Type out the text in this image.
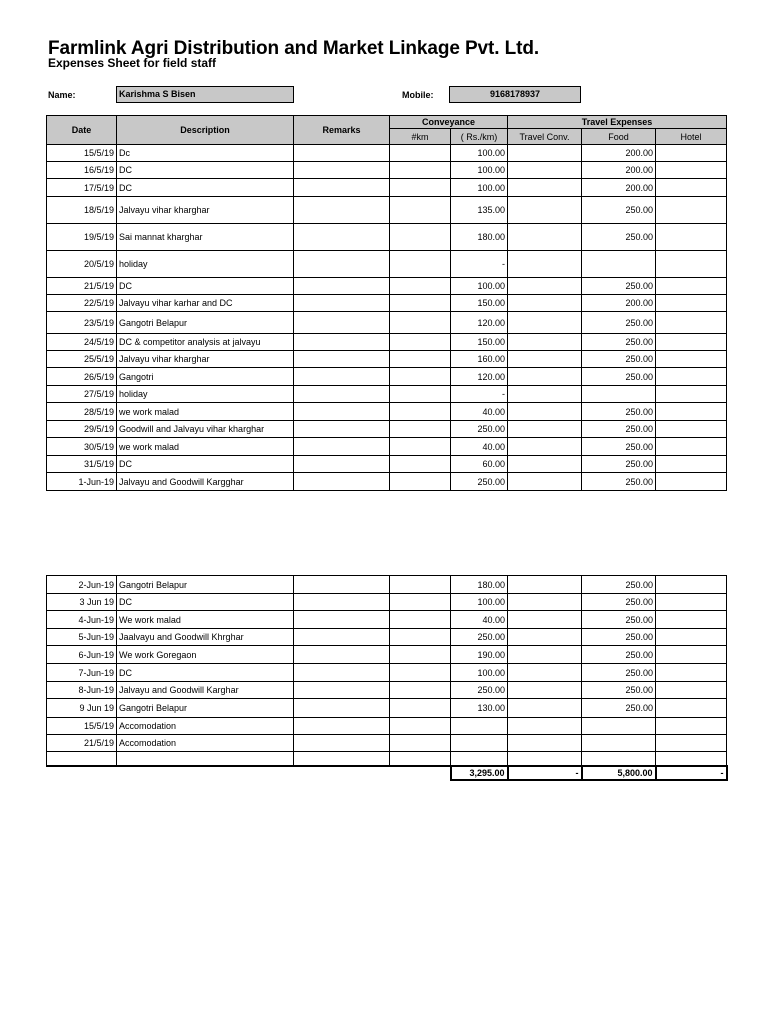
Farmlink Agri Distribution and Market Linkage Pvt. Ltd.
Expenses Sheet for field staff
Name:	Karishma S Bisen	Mobile:	9168178937
Date	Description	Remarks	Conveyance		Travel Expenses		
			#km	( Rs./km)	Travel Conv.	Food	Hotel
15/5/19	Dc			100.00		200.00	
16/5/19	DC			100.00		200.00	
17/5/19	DC			100.00		200.00	
18/5/19	Jalvayu vihar kharghar			135.00		250.00	
19/5/19	Sai mannat kharghar			180.00		250.00	
20/5/19	holiday			-			
21/5/19	DC			100.00		250.00	
22/5/19	Jalvayu vihar karhar and DC			150.00		200.00	
23/5/19	Gangotri Belapur			120.00		250.00	
24/5/19	DC & competitor analysis at jalvayu			150.00		250.00	
25/5/19	Jalvayu vihar kharghar			160.00		250.00	
26/5/19	Gangotri			120.00		250.00	
27/5/19	holiday			-			
28/5/19	we work malad			40.00		250.00	
29/5/19	Goodwill and Jalvayu vihar kharghar			250.00		250.00	
30/5/19	we work malad			40.00		250.00	
31/5/19	DC			60.00		250.00	
1-Jun-19	Jalvayu and Goodwill Kargghar			250.00		250.00	
2-Jun-19	Gangotri Belapur			180.00		250.00	
3 Jun 19	DC			100.00		250.00	
4-Jun-19	We work malad			40.00		250.00	
5-Jun-19	Jaalvayu and Goodwill Khrghar			250.00		250.00	
6-Jun-19	We work Goregaon			190.00		250.00	
7-Jun-19	DC			100.00		250.00	
8-Jun-19	Jalvayu and Goodwill Karghar			250.00		250.00	
9 Jun 19	Gangotri Belapur			130.00		250.00	
15/5/19	Accomodation						
21/5/19	Accomodation						

				3,295.00	-	5,800.00	-
